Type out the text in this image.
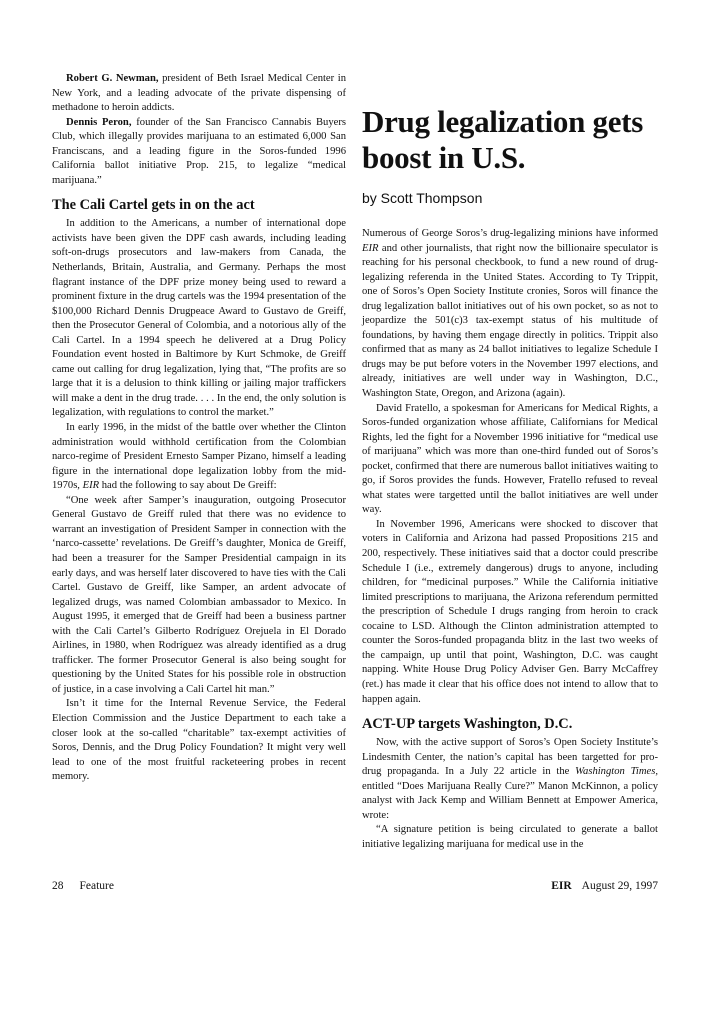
Robert G. Newman, president of Beth Israel Medical Center in New York, and a leading advocate of the private dispensing of methadone to heroin addicts.

Dennis Peron, founder of the San Francisco Cannabis Buyers Club, which illegally provides marijuana to an estimated 6,000 San Franciscans, and a leading figure in the Soros-funded 1996 California ballot initiative Prop. 215, to legalize “medical marijuana.”

The Cali Cartel gets in on the act

In addition to the Americans, a number of international dope activists have been given the DPF cash awards, including leading soft-on-drugs prosecutors and law-makers from Canada, the Netherlands, Britain, Australia, and Germany. Perhaps the most flagrant instance of the DPF prize money being used to reward a prominent fixture in the drug cartels was the 1994 presentation of the $100,000 Richard Dennis Drugpeace Award to Gustavo de Greiff, then the Prosecutor General of Colombia, and a notorious ally of the Cali Cartel. In a 1994 speech he delivered at a Drug Policy Foundation event hosted in Baltimore by Kurt Schmoke, de Greiff came out calling for drug legalization, lying that, “The profits are so large that it is a delusion to think killing or jailing major traffickers will make a dent in the drug trade. . . . In the end, the only solution is legalization, with regulations to control the market.”

In early 1996, in the midst of the battle over whether the Clinton administration would withhold certification from the Colombian narco-regime of President Ernesto Samper Pizano, himself a leading figure in the international dope legalization lobby from the mid-1970s, EIR had the following to say about De Greiff:

“One week after Samper’s inauguration, outgoing Prosecutor General Gustavo de Greiff ruled that there was no evidence to warrant an investigation of President Samper in connection with the ‘narco-cassette’ revelations. De Greiff’s daughter, Monica de Greiff, had been a treasurer for the Samper Presidential campaign in its early days, and was herself later discovered to have ties with the Cali Cartel. Gustavo de Greiff, like Samper, an ardent advocate of legalized drugs, was named Colombian ambassador to Mexico. In August 1995, it emerged that de Greiff had been a business partner with the Cali Cartel’s Gilberto Rodríguez Orejuela in El Dorado Airlines, in 1980, when Rodríguez was already identified as a drug trafficker. The former Prosecutor General is also being sought for questioning by the United States for his possible role in obstruction of justice, in a case involving a Cali Cartel hit man.”

Isn’t it time for the Internal Revenue Service, the Federal Election Commission and the Justice Department to each take a closer look at the so-called “charitable” tax-exempt activities of Soros, Dennis, and the Drug Policy Foundation? It might very well lead to one of the most fruitful racketeering probes in recent memory.

Drug legalization gets boost in U.S.
by Scott Thompson

Numerous of George Soros’s drug-legalizing minions have informed EIR and other journalists, that right now the billionaire speculator is reaching for his personal checkbook, to fund a new round of drug-legalizing referenda in the United States. According to Ty Trippit, one of Soros’s Open Society Institute cronies, Soros will finance the drug legalization ballot initiatives out of his own pocket, so as not to jeopardize the 501(c)3 tax-exempt status of his multitude of foundations, by having them engage directly in politics. Trippit also confirmed that as many as 24 ballot initiatives to legalize Schedule I drugs may be put before voters in the November 1997 elections, and already, initiatives are well under way in Washington, D.C., Washington State, Oregon, and Arizona (again).

David Fratello, a spokesman for Americans for Medical Rights, a Soros-funded organization whose affiliate, Californians for Medical Rights, led the fight for a November 1996 initiative for “medical use of marijuana” which was more than one-third funded out of Soros’s pocket, confirmed that there are numerous ballot initiatives waiting to go, if Soros provides the funds. However, Fratello refused to reveal what states were targetted until the ballot initiatives are well under way.

In November 1996, Americans were shocked to discover that voters in California and Arizona had passed Propositions 215 and 200, respectively. These initiatives said that a doctor could prescribe Schedule I (i.e., extremely dangerous) drugs to anyone, including children, for “medicinal purposes.” While the California initiative limited prescriptions to marijuana, the Arizona referendum permitted the prescription of Schedule I drugs ranging from heroin to crack cocaine to LSD. Although the Clinton administration attempted to counter the Soros-funded propaganda blitz in the last two weeks of the campaign, up until that point, Washington, D.C. was caught napping. White House Drug Policy Adviser Gen. Barry McCaffrey (ret.) has made it clear that his office does not intend to allow that to happen again.

ACT-UP targets Washington, D.C.

Now, with the active support of Soros’s Open Society Institute’s Lindesmith Center, the nation’s capital has been targetted for pro-drug propaganda. In a July 22 article in the Washington Times, entitled “Does Marijuana Really Cure?” Manon McKinnon, a policy analyst with Jack Kemp and William Bennett at Empower America, wrote:

“A signature petition is being circulated to generate a ballot initiative legalizing marijuana for medical use in the

28 Feature	EIR August 29, 1997
